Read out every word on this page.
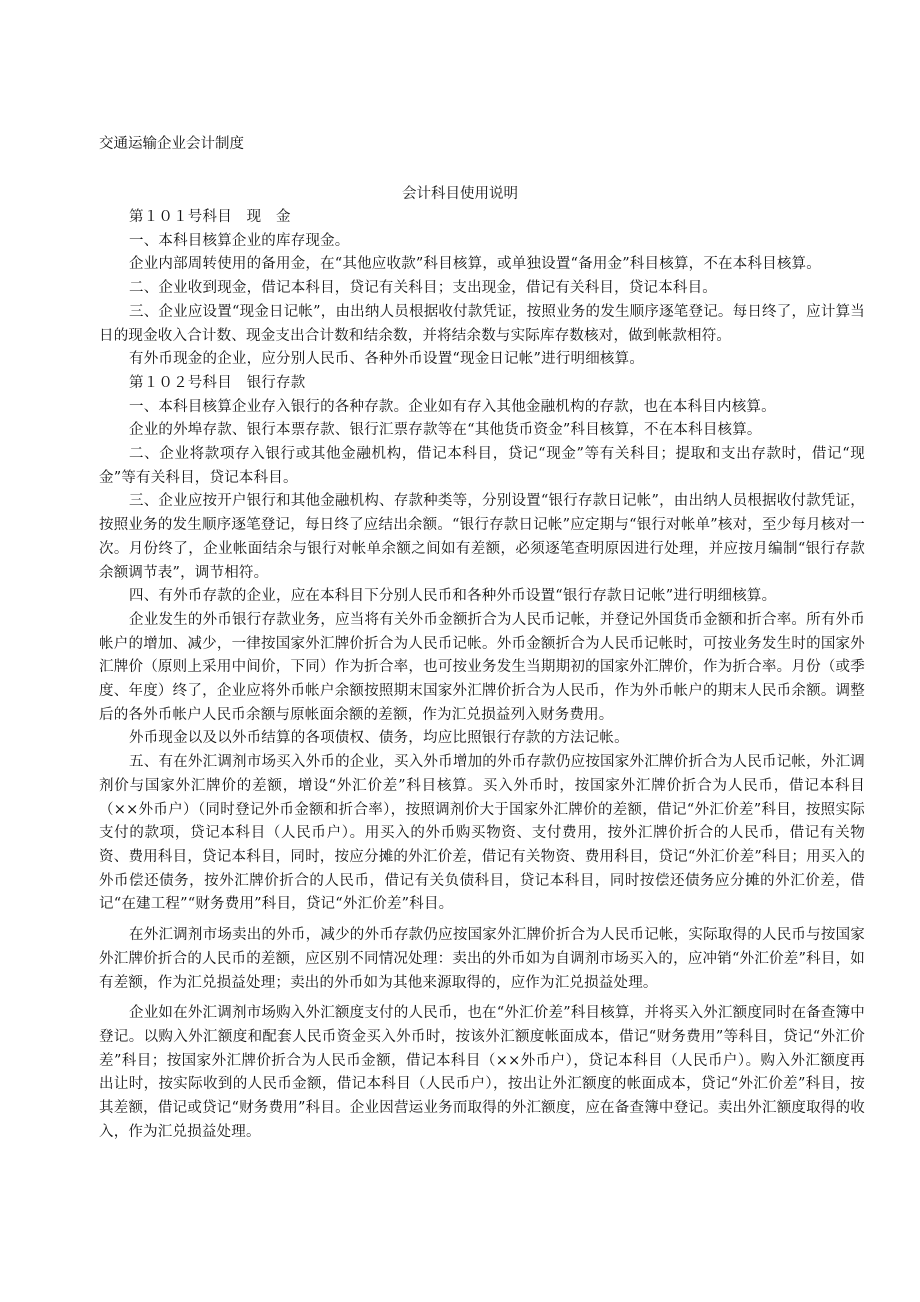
交通运输企业会计制度
会计科目使用说明

第１０１号科目　现　金

一、本科目核算企业的库存现金。

企业内部周转使用的备用金，在“其他应收款”科目核算，或单独设置“备用金”科目核算，不在本科目核算。

二、企业收到现金，借记本科目，贷记有关科目；支出现金，借记有关科目，贷记本科目。

三、企业应设置“现金日记帐”，由出纳人员根据收付款凭证，按照业务的发生顺序逐笔登记。每日终了，应计算当日的现金收入合计数、现金支出合计数和结余数，并将结余数与实际库存数核对，做到帐款相符。

有外币现金的企业，应分别人民币、各种外币设置“现金日记帐”进行明细核算。

第１０２号科目　银行存款

一、本科目核算企业存入银行的各种存款。企业如有存入其他金融机构的存款，也在本科目内核算。

企业的外埠存款、银行本票存款、银行汇票存款等在“其他货币资金”科目核算，不在本科目核算。

二、企业将款项存入银行或其他金融机构，借记本科目，贷记“现金”等有关科目；提取和支出存款时，借记“现金”等有关科目，贷记本科目。

三、企业应按开户银行和其他金融机构、存款种类等，分别设置“银行存款日记帐”，由出纳人员根据收付款凭证，按照业务的发生顺序逐笔登记，每日终了应结出余额。“银行存款日记帐”应定期与“银行对帐单”核对，至少每月核对一次。月份终了，企业帐面结余与银行对帐单余额之间如有差额，必须逐笔查明原因进行处理，并应按月编制“银行存款余额调节表”，调节相符。

四、有外币存款的企业，应在本科目下分别人民币和各种外币设置“银行存款日记帐”进行明细核算。

企业发生的外币银行存款业务，应当将有关外币金额折合为人民币记帐，并登记外国货币金额和折合率。所有外币帐户的增加、减少，一律按国家外汇牌价折合为人民币记帐。外币金额折合为人民币记帐时，可按业务发生时的国家外汇牌价（原则上采用中间价，下同）作为折合率，也可按业务发生当期期初的国家外汇牌价，作为折合率。月份（或季度、年度）终了，企业应将外币帐户余额按照期末国家外汇牌价折合为人民币，作为外币帐户的期末人民币余额。调整后的各外币帐户人民币余额与原帐面余额的差额，作为汇兑损益列入财务费用。

外币现金以及以外币结算的各项债权、债务，均应比照银行存款的方法记帐。

五、有在外汇调剂市场买入外币的企业，买入外币增加的外币存款仍应按国家外汇牌价折合为人民币记帐，外汇调剂价与国家外汇牌价的差额，增设“外汇价差”科目核算。买入外币时，按国家外汇牌价折合为人民币，借记本科目（××外币户）（同时登记外币金额和折合率），按照调剂价大于国家外汇牌价的差额，借记“外汇价差”科目，按照实际支付的款项，贷记本科目（人民币户）。用买入的外币购买物资、支付费用，按外汇牌价折合的人民币，借记有关物资、费用科目，贷记本科目，同时，按应分摊的外汇价差，借记有关物资、费用科目，贷记“外汇价差”科目；用买入的外币偿还债务，按外汇牌价折合的人民币，借记有关负债科目，贷记本科目，同时按偿还债务应分摊的外汇价差，借记“在建工程”“财务费用”科目，贷记“外汇价差”科目。

在外汇调剂市场卖出的外币，减少的外币存款仍应按国家外汇牌价折合为人民币记帐，实际取得的人民币与按国家外汇牌价折合的人民币的差额，应区别不同情况处理：卖出的外币如为自调剂市场买入的，应冲销“外汇价差”科目，如有差额，作为汇兑损益处理；卖出的外币如为其他来源取得的，应作为汇兑损益处理。

企业如在外汇调剂市场购入外汇额度支付的人民币，也在“外汇价差”科目核算，并将买入外汇额度同时在备查簿中登记。以购入外汇额度和配套人民币资金买入外币时，按该外汇额度帐面成本，借记“财务费用”等科目，贷记“外汇价差”科目；按国家外汇牌价折合为人民币金额，借记本科目（××外币户），贷记本科目（人民币户）。购入外汇额度再出让时，按实际收到的人民币金额，借记本科目（人民币户），按出让外汇额度的帐面成本，贷记“外汇价差”科目，按其差额，借记或贷记“财务费用”科目。企业因营运业务而取得的外汇额度，应在备查簿中登记。卖出外汇额度取得的收入，作为汇兑损益处理。
